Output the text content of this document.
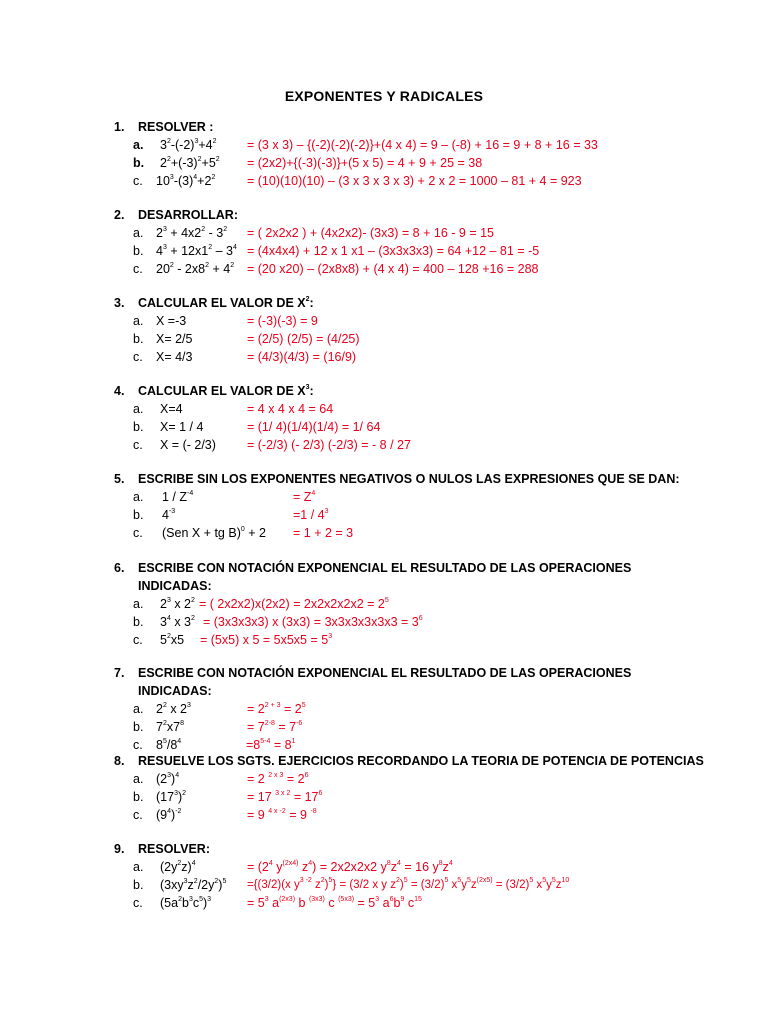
EXPONENTES Y RADICALES
1. RESOLVER :
a. $3^2-(-2)^3+4^2 = (3$ x 3) – {(-2)(-2)(-2)}+(4 x 4) = 9 – (-8) + 16 = 9 + 8 + 16 = 33
b. $2^2+(-3)^2+5^2 = (2x2)+\{(-3)(-3)\}+(5$ x 5) = 4 + 9 + 25 = 38
c. $10^3-(3)^4+2^2$	= (10)(10)(10) – (3 x 3 x 3 x 3) + 2 x 2 = 1000 – 81 + 4 = 923
2. DESARROLLAR:
a. $2^3 + 4x2^2 - 3^2$ = ( 2x2x2 ) + (4x2x2)- (3x3) = 8 + 16 - 9 = 15
b. $4^3 + 12x1^2 - 3^4 = (4x4x4) + 12$ x 1 x1 – (3x3x3x3) = 64 +12 – 81 = -5
c. $20^2 - 2x8^2 + 4^2 = (20$ x20) – (2x8x8) + (4 x 4) = 400 – 128 +16 = 288
3. CALCULAR EL VALOR DE $X^2$:
a. X =-3	= (-3)(-3) = 9
b. X= 2/5	= (2/5) (2/5) = (4/25)
c. X= 4/3	= (4/3)(4/3) = (16/9)
4. CALCULAR EL VALOR DE $X^3$:
a. X=4	= 4 x 4 x 4 = 64
b. X= 1 / 4	= (1/ 4)(1/4)(1/4) = 1/ 64
c. X = (- 2/3) = (-2/3) (- 2/3) (-2/3) = - 8 / 27
5. ESCRIBE SIN LOS EXPONENTES NEGATIVOS O NULOS LAS EXPRESIONES QUE SE DAN:
a. $1 / Z^{-4}$	= $Z^4$
b. $4^{-3}$	$=1 / 4^3$
c. (Sen X + tg B)$^0$ + 2 = 1 + 2 = 3
6. ESCRIBE CON NOTACIÓN EXPONENCIAL EL RESULTADO DE LAS OPERACIONES
INDICADAS:
a. $2^3$ x $2^2$ = ( $2x2x2)x(2x2) = 2x2x2x2x2 = 2^5$
b. $3^4$ x $3^2 = (3x3x3x3)$ x $(3x3) = 3x3x3x3x3x3 = 3^6$
c. $5^2x5 = (5x5)$ x $5 = 5x5x5 = 5^3$
7. ESCRIBE CON NOTACIÓN EXPONENCIAL EL RESULTADO DE LAS OPERACIONES
INDICADAS:
a. $2^2$ x $2^3$	= $2^{2 + 3} = 2^5$
b. $7^2x7^8$	= $7^{2-8} = 7^{-6}$
c. $8^5/8^4$	$=8^{5-4} = 8^1$
8. RESUELVE LOS SGTS. EJERCICIOS RECORDANDO LA TEORIA DE POTENCIA DE POTENCIAS
a. $(2^3)^4$	= 2 $^{2 x 3} = 2^6$
b. $(17^3)^2$	= 17 $^{3 x 2} = 17^6$
c. $(9^4)^{-2}$	= 9 $^{4 x -2}$ = 9 $^{-8}$
9. RESOLVER:
a. $(2y^2z)^4$	= ($2^4$ $y^{(2x4)}$ $z^4) = 2x2x2x2$ $y^8z^4 = 16$ $y^8z^4$
b. $(3xy^3z^2/2y^2)^5 =\{(3/2)(x$ $y^{3 -2}$ $z^2)^5\} = (3/2$ x y $z^2)^5 = (3/2)^5$ $x^5y^5z^{(2x5)} = (3/2)^5$ $x^5y^5z^{10}$
c. $(5a^2b^3c^5)^3$	= $5^3$ $a^{(2x3)}$ b $^{(3x3)}$ c $^{(5x3)} = 5^3$ $a^6b^9$ $c^{15}$
